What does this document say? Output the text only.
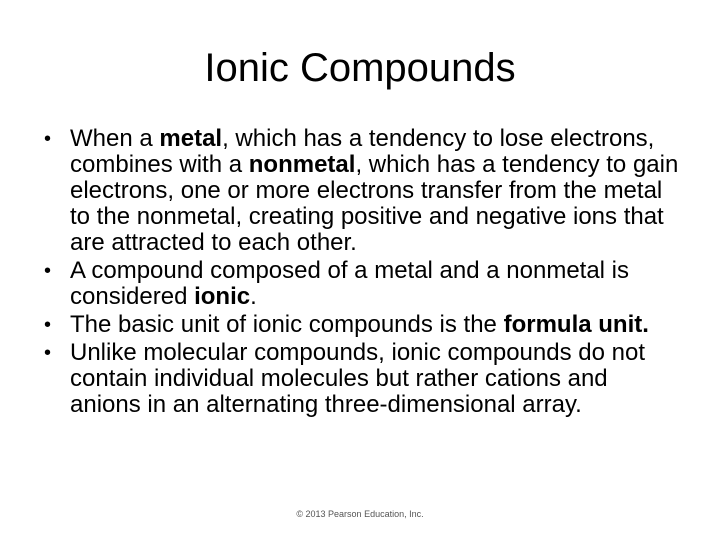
Ionic Compounds
• When a metal, which has a tendency to lose electrons, combines with a nonmetal, which has a tendency to gain electrons, one or more electrons transfer from the metal to the nonmetal, creating positive and negative ions that are attracted to each other.
• A compound composed of a metal and a nonmetal is considered ionic.
• The basic unit of ionic compounds is the formula unit.
• Unlike molecular compounds, ionic compounds do not contain individual molecules but rather cations and anions in an alternating three-dimensional array.
© 2013 Pearson Education, Inc.
